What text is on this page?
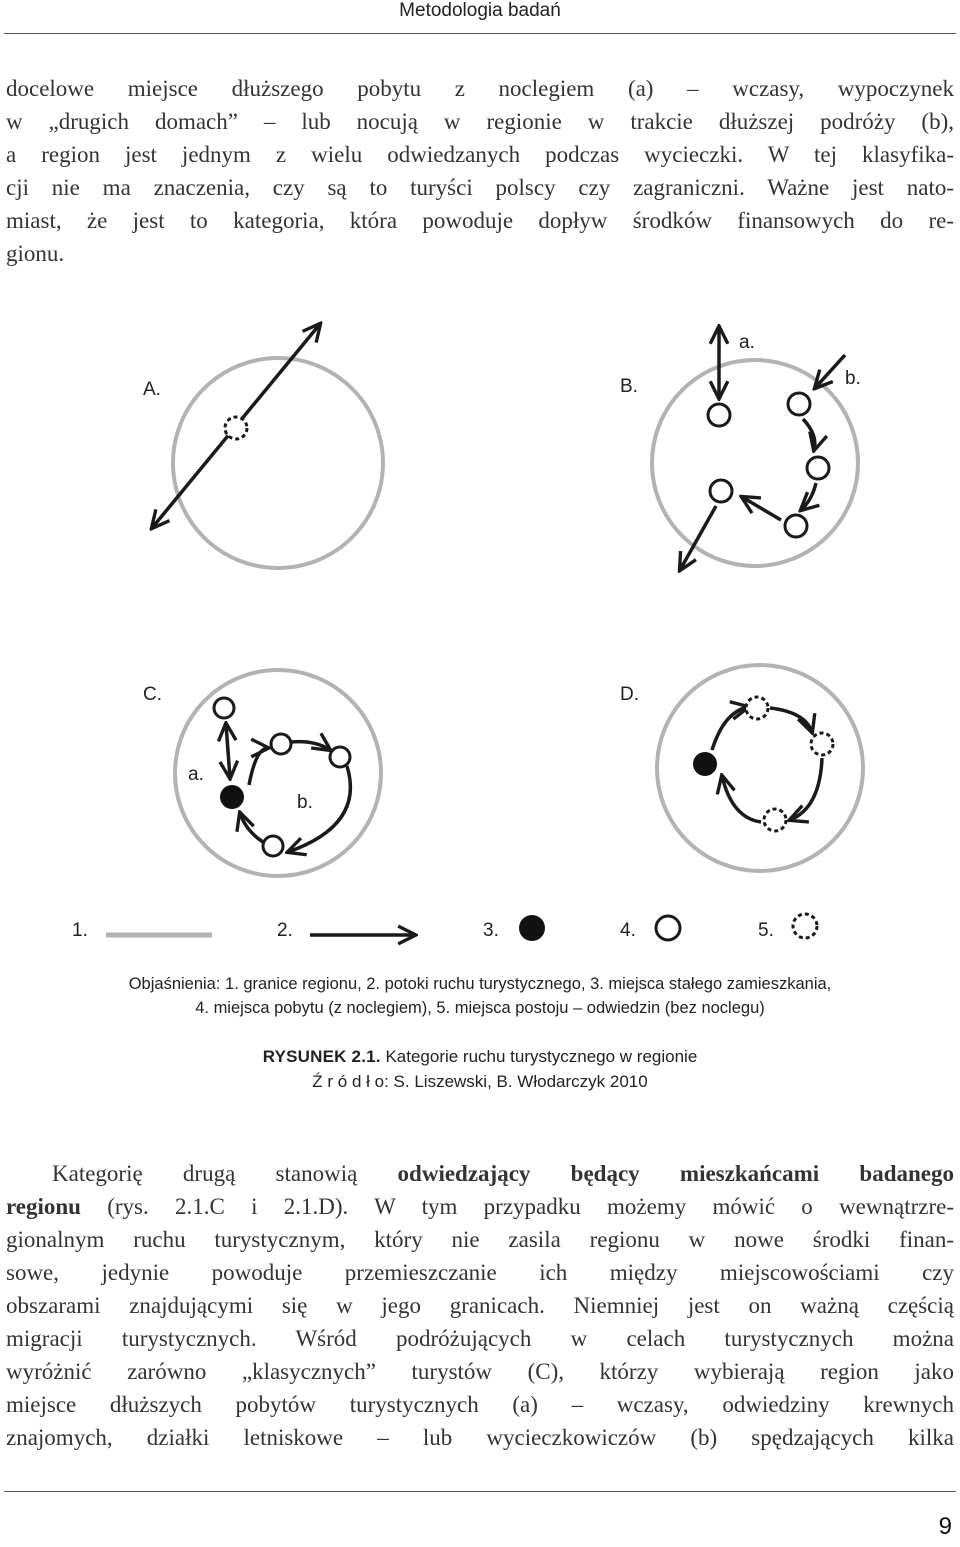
Metodologia badań
docelowe miejsce dłuższego pobytu z noclegiem (a) – wczasy, wypoczynek
w „drugich domach” – lub nocują w regionie w trakcie dłuższej podróży (b),
a region jest jednym z wielu odwiedzanych podczas wycieczki. W tej klasyfika-
cji nie ma znaczenia, czy są to turyści polscy czy zagraniczni. Ważne jest nato-
miast, że jest to kategoria, która powoduje dopływ środków finansowych do re-
gionu.
A.	B.
a.
b.
C.
a.
b.
D.
1.	2.	3.	4.	5.
Objaśnienia: 1. granice regionu, 2. potoki ruchu turystycznego, 3. miejsca stałego zamieszkania,
4. miejsca pobytu (z noclegiem), 5. miejsca postoju – odwiedzin (bez noclegu)
RYSUNEK 2.1. Kategorie ruchu turystycznego w regionie
Ź r ó d ł o: S. Liszewski, B. Włodarczyk 2010
Kategorię drugą stanowią odwiedzający będący mieszkańcami badanego
regionu (rys. 2.1.C i 2.1.D). W tym przypadku możemy mówić o wewnątrzre-
gionalnym ruchu turystycznym, który nie zasila regionu w nowe środki finan-
sowe, jedynie powoduje przemieszczanie ich między miejscowościami czy
obszarami znajdującymi się w jego granicach. Niemniej jest on ważną częścią
migracji turystycznych. Wśród podróżujących w celach turystycznych można
wyróżnić zarówno „klasycznych” turystów (C), którzy wybierają region jako
miejsce dłuższych pobytów turystycznych (a) – wczasy, odwiedziny krewnych
znajomych, działki letniskowe – lub wycieczkowiczów (b) spędzających kilka
9
